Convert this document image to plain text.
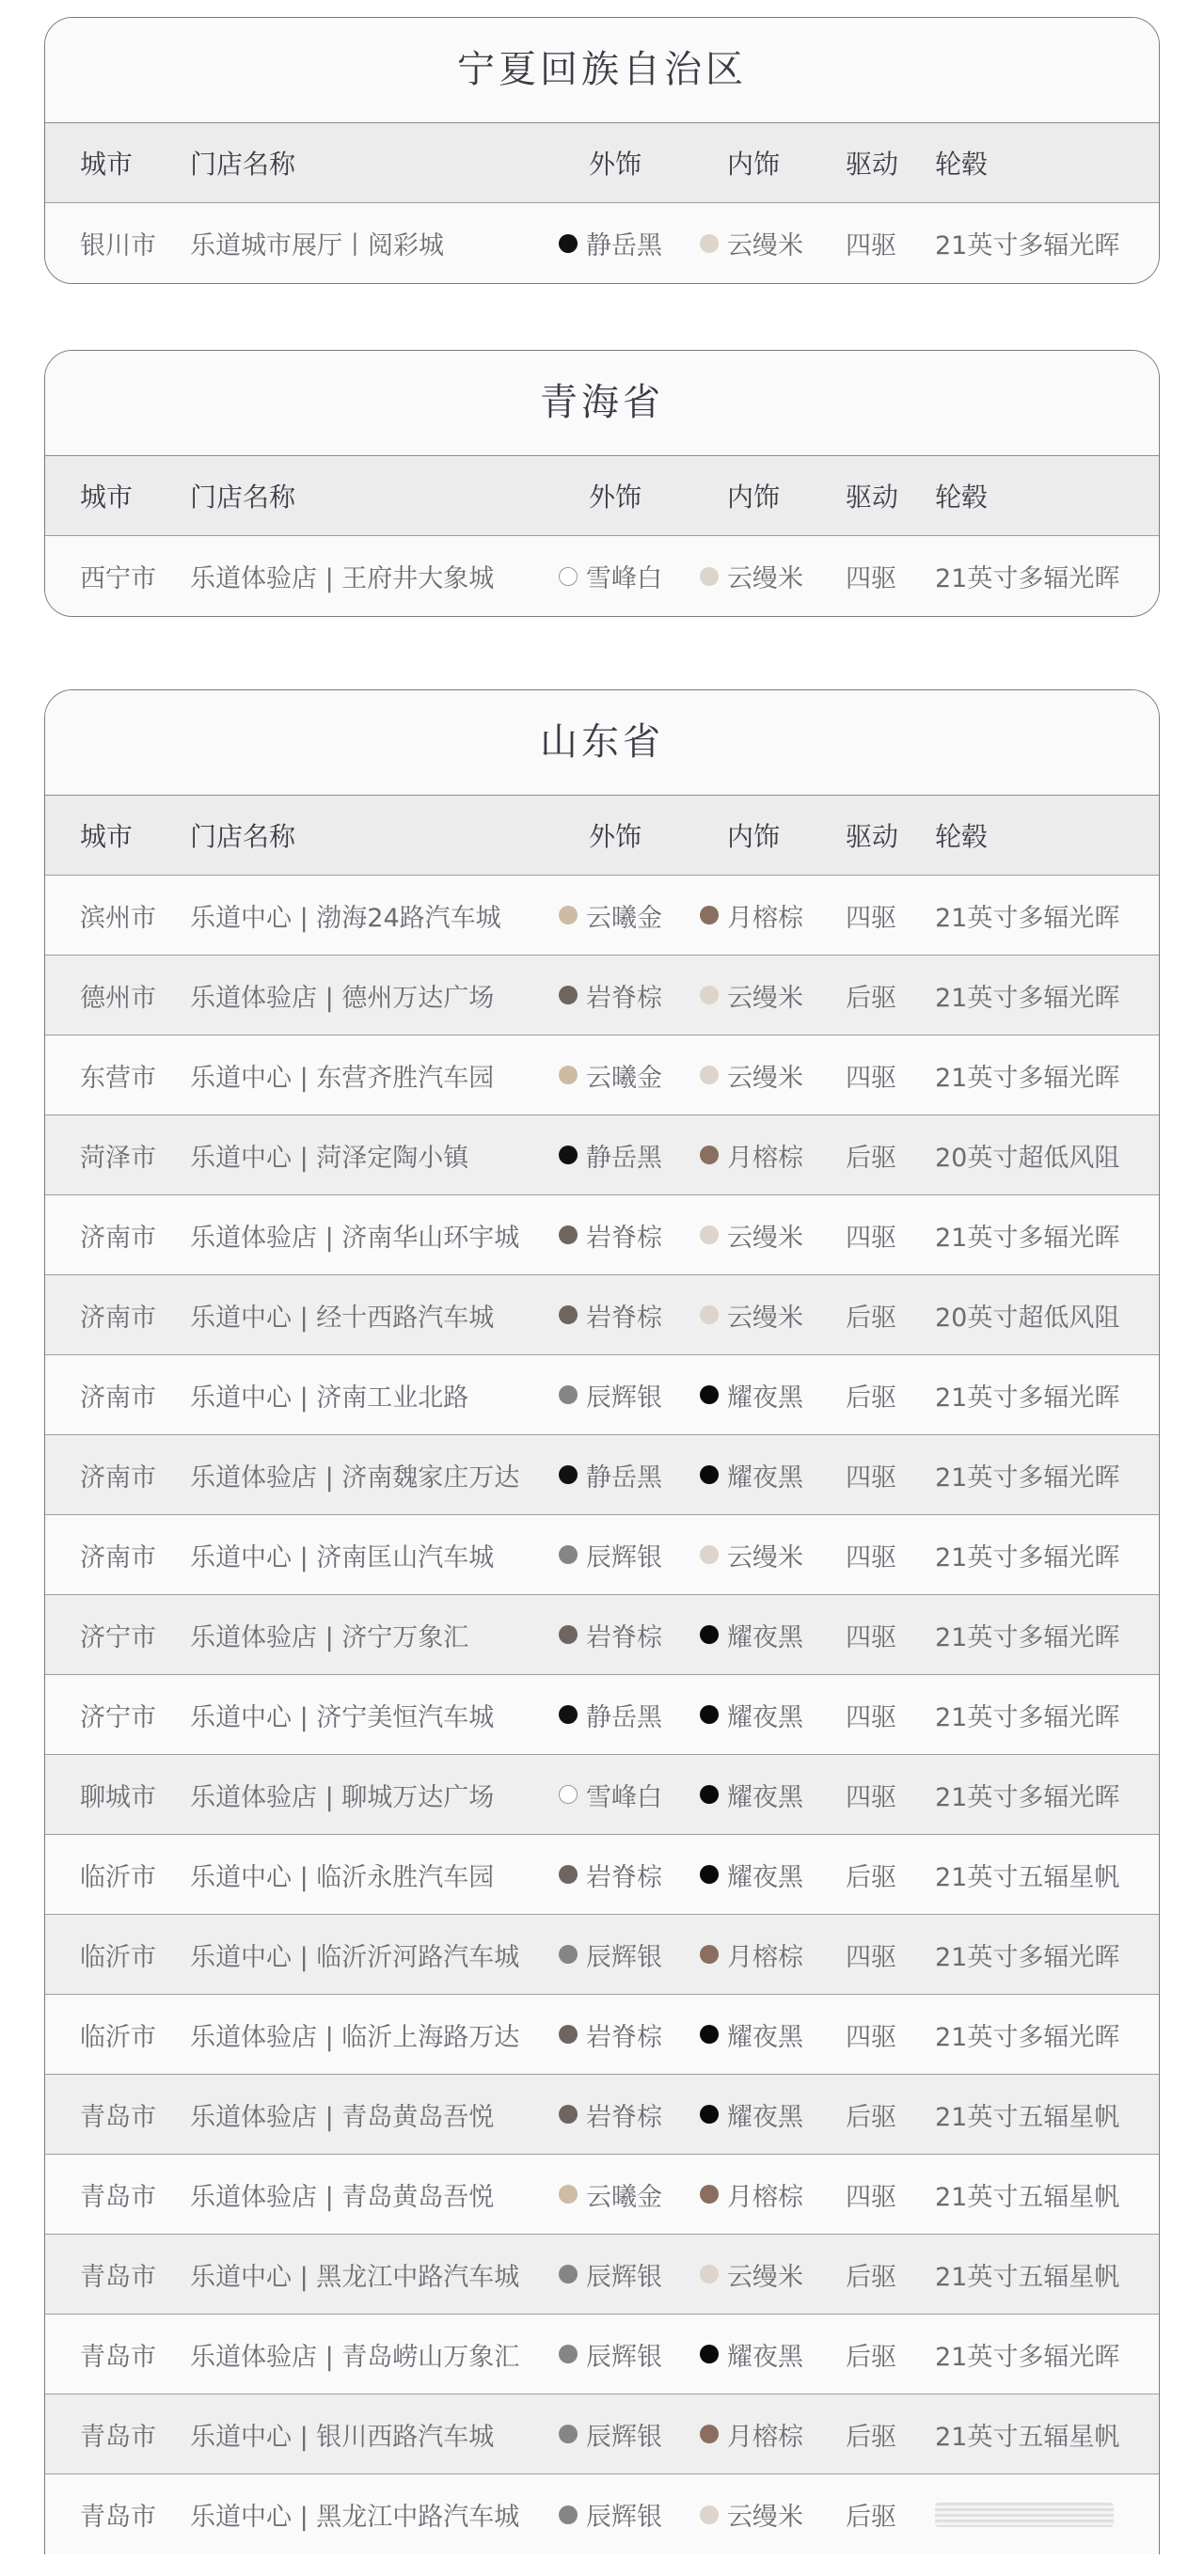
宁夏回族自治区
城市 门店名称	外饰	内饰 驱动 轮毂
银川市 乐道城市展厅丨阅彩城	静岳黑	云缦米 四驱 21英寸多辐光晖
青海省
城市 门店名称	外饰	内饰 驱动 轮毂
西宁市 乐道体验店 | 王府井大象城	雪峰白	云缦米 四驱 21英寸多辐光晖
山东省
城市 门店名称	外饰	内饰 驱动 轮毂
滨州市 乐道中心 | 渤海24路汽车城	云曦金	月榕棕 四驱 21英寸多辐光晖
德州市 乐道体验店 | 德州万达广场	岩脊棕	云缦米 后驱 21英寸多辐光晖
东营市 乐道中心 | 东营齐胜汽车园	云曦金	云缦米 四驱 21英寸多辐光晖
菏泽市 乐道中心 | 菏泽定陶小镇	静岳黑	月榕棕 后驱 20英寸超低风阻
济南市 乐道体验店 | 济南华山环宇城	岩脊棕	云缦米 四驱 21英寸多辐光晖
济南市 乐道中心 | 经十西路汽车城	岩脊棕	云缦米 后驱 20英寸超低风阻
济南市 乐道中心 | 济南工业北路	辰辉银	耀夜黑 后驱 21英寸多辐光晖
济南市 乐道体验店 | 济南魏家庄万达	静岳黑	耀夜黑 四驱 21英寸多辐光晖
济南市 乐道中心 | 济南匡山汽车城	辰辉银	云缦米 四驱 21英寸多辐光晖
济宁市 乐道体验店 | 济宁万象汇	岩脊棕	耀夜黑 四驱 21英寸多辐光晖
济宁市 乐道中心 | 济宁美恒汽车城	静岳黑	耀夜黑 四驱 21英寸多辐光晖
聊城市 乐道体验店 | 聊城万达广场	雪峰白	耀夜黑 四驱 21英寸多辐光晖
临沂市 乐道中心 | 临沂永胜汽车园	岩脊棕	耀夜黑 后驱 21英寸五辐星帆
临沂市 乐道中心 | 临沂沂河路汽车城	辰辉银	月榕棕 四驱 21英寸多辐光晖
临沂市 乐道体验店 | 临沂上海路万达	岩脊棕	耀夜黑 四驱 21英寸多辐光晖
青岛市 乐道体验店 | 青岛黄岛吾悦	岩脊棕	耀夜黑 后驱 21英寸五辐星帆
青岛市 乐道体验店 | 青岛黄岛吾悦	云曦金	月榕棕 四驱 21英寸五辐星帆
青岛市 乐道中心 | 黑龙江中路汽车城	辰辉银	云缦米 后驱 21英寸五辐星帆
青岛市 乐道体验店 | 青岛崂山万象汇	辰辉银	耀夜黑 后驱 21英寸多辐光晖
青岛市 乐道中心 | 银川西路汽车城	辰辉银	月榕棕 后驱 21英寸五辐星帆
青岛市 乐道中心 | 黑龙江中路汽车城	辰辉银	云缦米 后驱
